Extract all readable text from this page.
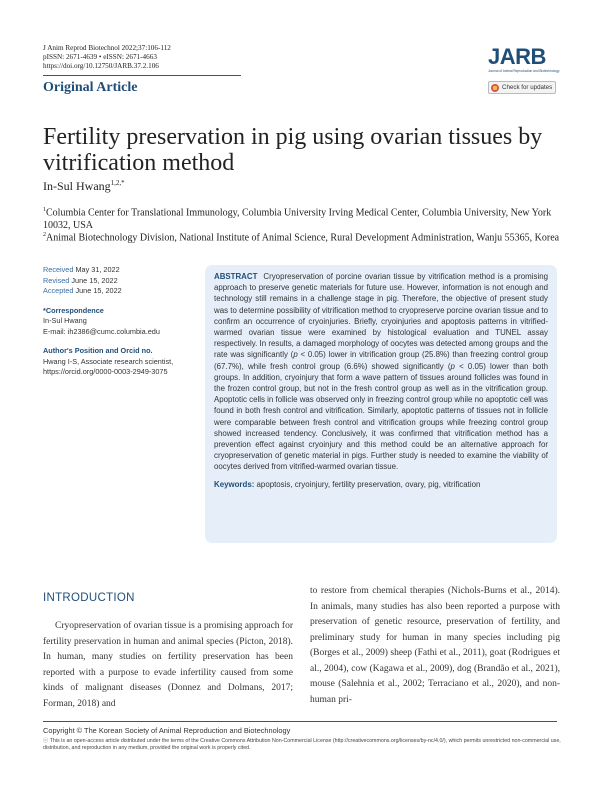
J Anim Reprod Biotechnol 2022;37:106-112
pISSN: 2671-4639 • eISSN: 2671-4663
https://doi.org/10.12750/JARB.37.2.106
Original Article
JARB
Journal of Animal Reproduction and Biotechnology
Check for updates
Fertility preservation in pig using ovarian tissues by vitrification method
In-Sul Hwang$^{1,2,*}$
$^1$Columbia Center for Translational Immunology, Columbia University Irving Medical Center, Columbia University, New York 10032, USA
$^2$Animal Biotechnology Division, National Institute of Animal Science, Rural Development Administration, Wanju 55365, Korea
Received May 31, 2022
Revised June 15, 2022
Accepted June 15, 2022
*Correspondence
In-Sul Hwang
E-mail: ih2386@cumc.columbia.edu
Author's Position and Orcid no.
Hwang I-S, Associate research scientist,
https://orcid.org/0000-0003-2949-3075
ABSTRACT Cryopreservation of porcine ovarian tissue by vitrification method is a promising approach to preserve genetic materials for future use. However, information is not enough and technology still remains in a challenge stage in pig. Therefore, the objective of present study was to determine possibility of vitrification method to cryopreserve porcine ovarian tissue and to confirm an occurrence of cryoinjuries. Briefly, cryoinjuries and apoptosis patterns in vitrified-warmed ovarian tissue were examined by histological evaluation and TUNEL assay respectively. In results, a damaged morphology of oocytes was detected among groups and the rate was significantly (p < 0.05) lower in vitrification group (25.8%) than freezing control group (67.7%), while fresh control group (6.6%) showed significantly (p < 0.05) lower than both groups. In addition, cryoinjury that form a wave pattern of tissues around follicles was found in the frozen control group, but not in the fresh control group as well as in the vitrification group. Apoptotic cells in follicle was observed only in freezing control group while no apoptotic cell was found in both fresh control and vitrification. Similarly, apoptotic patterns of tissues not in follicle were comparable between fresh control and vitrification groups while freezing control group showed increased tendency. Conclusively, it was confirmed that vitrification method has a prevention effect against cryoinjury and this method could be an alternative approach for cryopreservation of genetic material in pigs. Further study is needed to examine the viability of oocytes derived from vitrified-warmed ovarian tissue.
Keywords: apoptosis, cryoinjury, fertility preservation, ovary, pig, vitrification
INTRODUCTION
Cryopreservation of ovarian tissue is a promising approach for fertility preservation in human and animal species (Picton, 2018). In human, many studies on fertility preservation has been reported with a purpose to evade infertility caused from some kinds of malignant diseases (Donnez and Dolmans, 2017; Forman, 2018) and
to restore from chemical therapies (Nichols-Burns et al., 2014). In animals, many studies has also been reported a purpose with preservation of genetic resource, preservation of fertility, and preliminary study for human in many species including pig (Borges et al., 2009) sheep (Fathi et al., 2011), goat (Rodrigues et al., 2004), cow (Kagawa et al., 2009), dog (Brandão et al., 2021), mouse (Salehnia et al., 2002; Terraciano et al., 2020), and non-human pri-
Copyright © The Korean Society of Animal Reproduction and Biotechnology
ⓒ This is an open-access article distributed under the terms of the Creative Commons Attribution Non-Commercial License (http://creativecommons.org/licenses/by-nc/4.0/), which permits unrestricted non-commercial use, distribution, and reproduction in any medium, provided the original work is properly cited.
